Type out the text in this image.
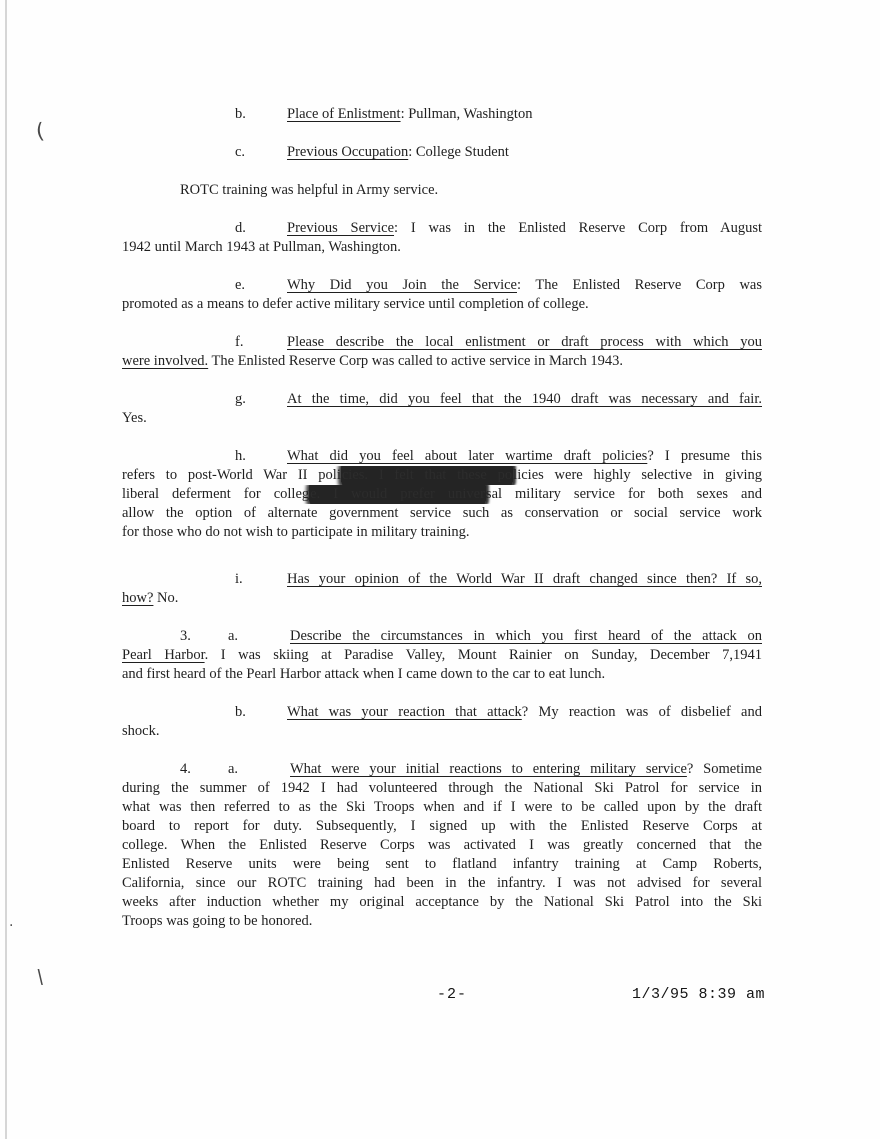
(
.
\
b.	Place of Enlistment: Pullman, Washington
c.	Previous Occupation: College Student
ROTC training was helpful in Army service.
d.	Previous Service: I was in the Enlisted Reserve Corp from August
1942 until March 1943 at Pullman, Washington.
e.	Why Did you Join the Service: The Enlisted Reserve Corp was
promoted as a means to defer active military service until completion of college.
f.	Please describe the local enlistment or draft process with which you
were involved. The Enlisted Reserve Corp was called to active service in March 1943.
g.	At the time, did you feel that the 1940 draft was necessary and fair.
Yes.
h.	What did you feel about later wartime draft policies? I presume this
refers to post-World War II policies. I felt that these policies were highly selective in giving
liberal deferment for college. I would prefer universal military service for both sexes and
allow the option of alternate government service such as conservation or social service work
for those who do not wish to participate in military training.
i.	Has your opinion of the World War II draft changed since then? If so,
how? No.
3.	a.	Describe the circumstances in which you first heard of the attack on
Pearl Harbor. I was skiing at Paradise Valley, Mount Rainier on Sunday, December 7,1941
and first heard of the Pearl Harbor attack when I came down to the car to eat lunch.
b.	What was your reaction that attack? My reaction was of disbelief and
shock.
4.	a.	What were your initial reactions to entering military service? Sometime
during the summer of 1942 I had volunteered through the National Ski Patrol for service in
what was then referred to as the Ski Troops when and if I were to be called upon by the draft
board to report for duty. Subsequently, I signed up with the Enlisted Reserve Corps at
college. When the Enlisted Reserve Corps was activated I was greatly concerned that the
Enlisted Reserve units were being sent to flatland infantry training at Camp Roberts,
California, since our ROTC training had been in the infantry. I was not advised for several
weeks after induction whether my original acceptance by the National Ski Patrol into the Ski
Troops was going to be honored.
-2-	1/3/95 8:39 am
